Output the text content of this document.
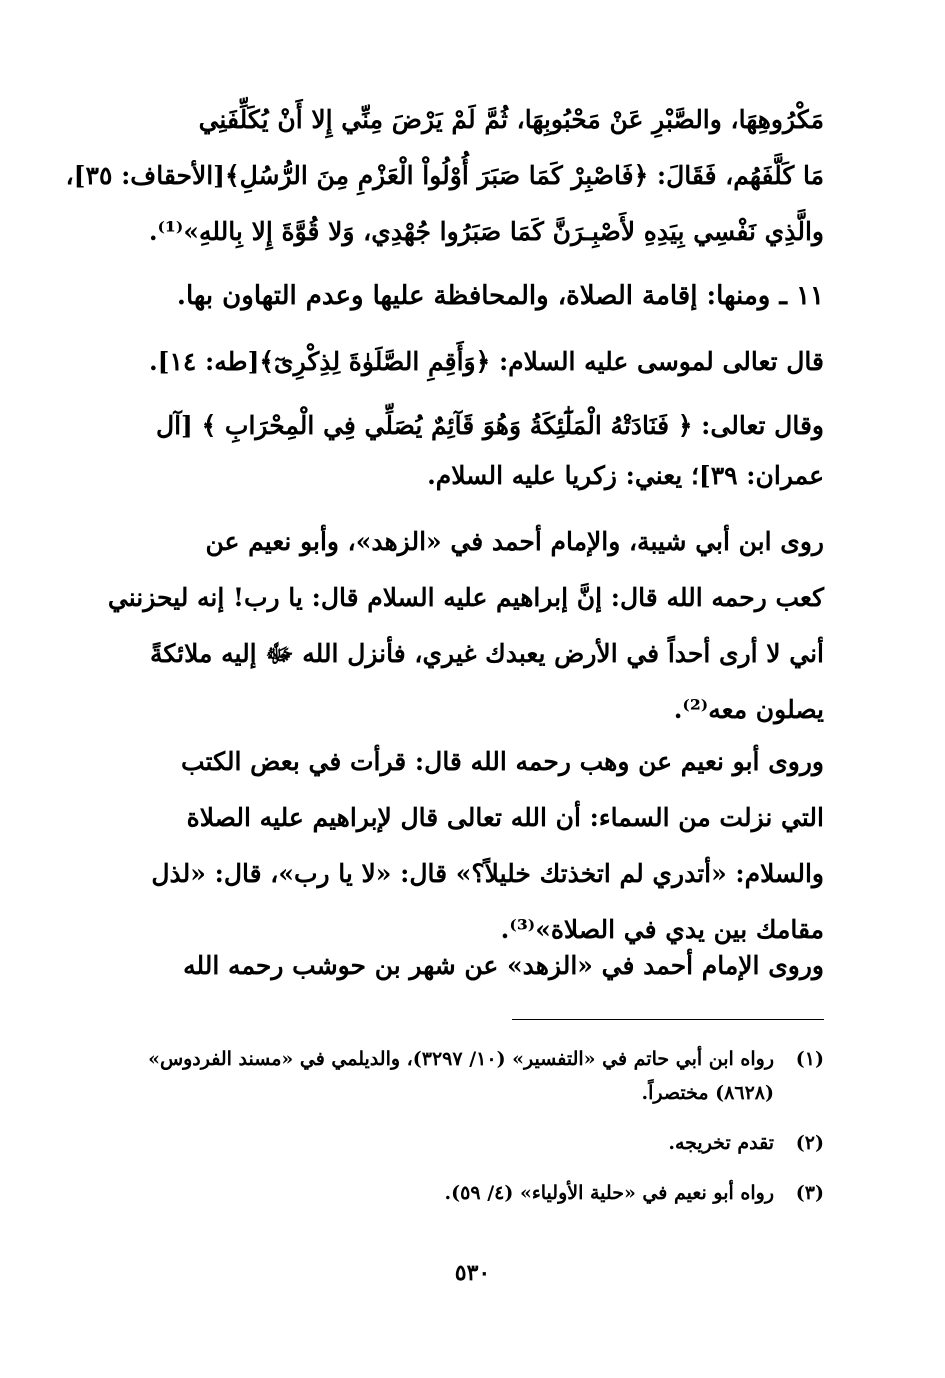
مَكْرُوهِهَا، والصَّبْرِ عَنْ مَحْبُوبِهَا، ثُمَّ لَمْ يَرْضَ مِنِّي إِلا أَنْ يُكَلِّفَنِي
مَا كَلَّفَهُم، فَقَالَ: ﴿فَاصْبِرْ كَمَا صَبَرَ أُوْلُواْ الْعَزْمِ مِنَ الرُّسُلِ﴾[الأحقاف: ٣٥]،
والَّذِي نَفْسِي بِيَدِهِ لأَصْبِـرَنَّ كَمَا صَبَرُوا جُهْدِي، وَلا قُوَّةَ إِلا بِاللهِ»⁽¹⁾.
١١ ـ ومنها: إقامة الصلاة، والمحافظة عليها وعدم التهاون بها.
قال تعالى لموسى عليه السلام: ﴿وَأَقِمِ الصَّلَوٰةَ لِذِكْرِىٓ﴾[طه: ١٤].
وقال تعالى: ﴿ فَنَادَتْهُ الْمَلَٰٓئِكَةُ وَهُوَ قَآئِمٌ يُصَلِّي فِي الْمِحْرَابِ ﴾ [آل
عمران: ٣٩]؛ يعني: زكريا عليه السلام.
روى ابن أبي شيبة، والإمام أحمد في «الزهد»، وأبو نعيم عن
كعب رحمه الله قال: إنَّ إبراهيم عليه السلام قال: يا رب! إنه ليحزنني
أني لا أرى أحداً في الأرض يعبدك غيري، فأنزل الله ﷻ إليه ملائكةً
يصلون معه⁽²⁾.
وروى أبو نعيم عن وهب رحمه الله قال: قرأت في بعض الكتب
التي نزلت من السماء: أن الله تعالى قال لإبراهيم عليه الصلاة
والسلام: «أتدري لم اتخذتك خليلاً؟» قال: «لا يا رب»، قال: «لذل
مقامك بين يدي في الصلاة»⁽³⁾.
وروى الإمام أحمد في «الزهد» عن شهر بن حوشب رحمه الله
(١)
رواه ابن أبي حاتم في «التفسير» (١٠/ ٣٢٩٧)، والديلمي في «مسند الفردوس» (٨٦٢٨) مختصراً.
(٢)
تقدم تخريجه.
(٣)
رواه أبو نعيم في «حلية الأولياء» (٤/ ٥٩).
٥٣٠
